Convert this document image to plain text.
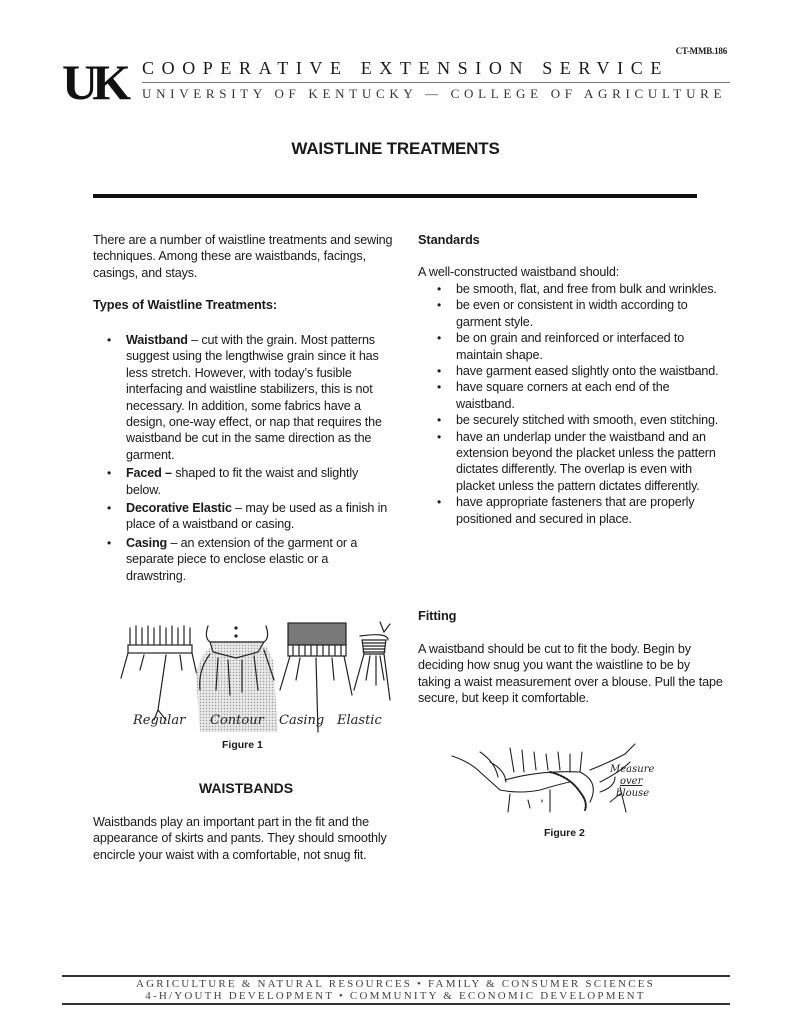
CT-MMB.186
UK COOPERATIVE EXTENSION SERVICE
UNIVERSITY OF KENTUCKY — COLLEGE OF AGRICULTURE
WAISTLINE TREATMENTS
There are a number of waistline treatments and sewing techniques. Among these are waistbands, facings, casings, and stays.
Types of Waistline Treatments:
• Waistband – cut with the grain. Most patterns suggest using the lengthwise grain since it has less stretch. However, with today’s fusible interfacing and waistline stabilizers, this is not necessary. In addition, some fabrics have a design, one-way effect, or nap that requires the waistband be cut in the same direction as the garment.
• Faced – shaped to fit the waist and slightly below.
• Decorative Elastic – may be used as a finish in place of a waistband or casing.
• Casing – an extension of the garment or a separate piece to enclose elastic or a drawstring.
Regular Contour Casing Elastic
Figure 1
WAISTBANDS
Waistbands play an important part in the fit and the appearance of skirts and pants. They should smoothly encircle your waist with a comfortable, not snug fit.
Standards
A well-constructed waistband should:
• be smooth, flat, and free from bulk and wrinkles.
• be even or consistent in width according to garment style.
• be on grain and reinforced or interfaced to maintain shape.
• have garment eased slightly onto the waistband.
• have square corners at each end of the waistband.
• be securely stitched with smooth, even stitching.
• have an underlap under the waistband and an extension beyond the placket unless the pattern dictates differently. The overlap is even with placket unless the pattern dictates differently.
• have appropriate fasteners that are properly positioned and secured in place.
Fitting
A waistband should be cut to fit the body. Begin by deciding how snug you want the waistline to be by taking a waist measurement over a blouse. Pull the tape secure, but keep it comfortable.
Measure
over
blouse
Figure 2
AGRICULTURE & NATURAL RESOURCES • FAMILY & CONSUMER SCIENCES
4-H/YOUTH DEVELOPMENT • COMMUNITY & ECONOMIC DEVELOPMENT
